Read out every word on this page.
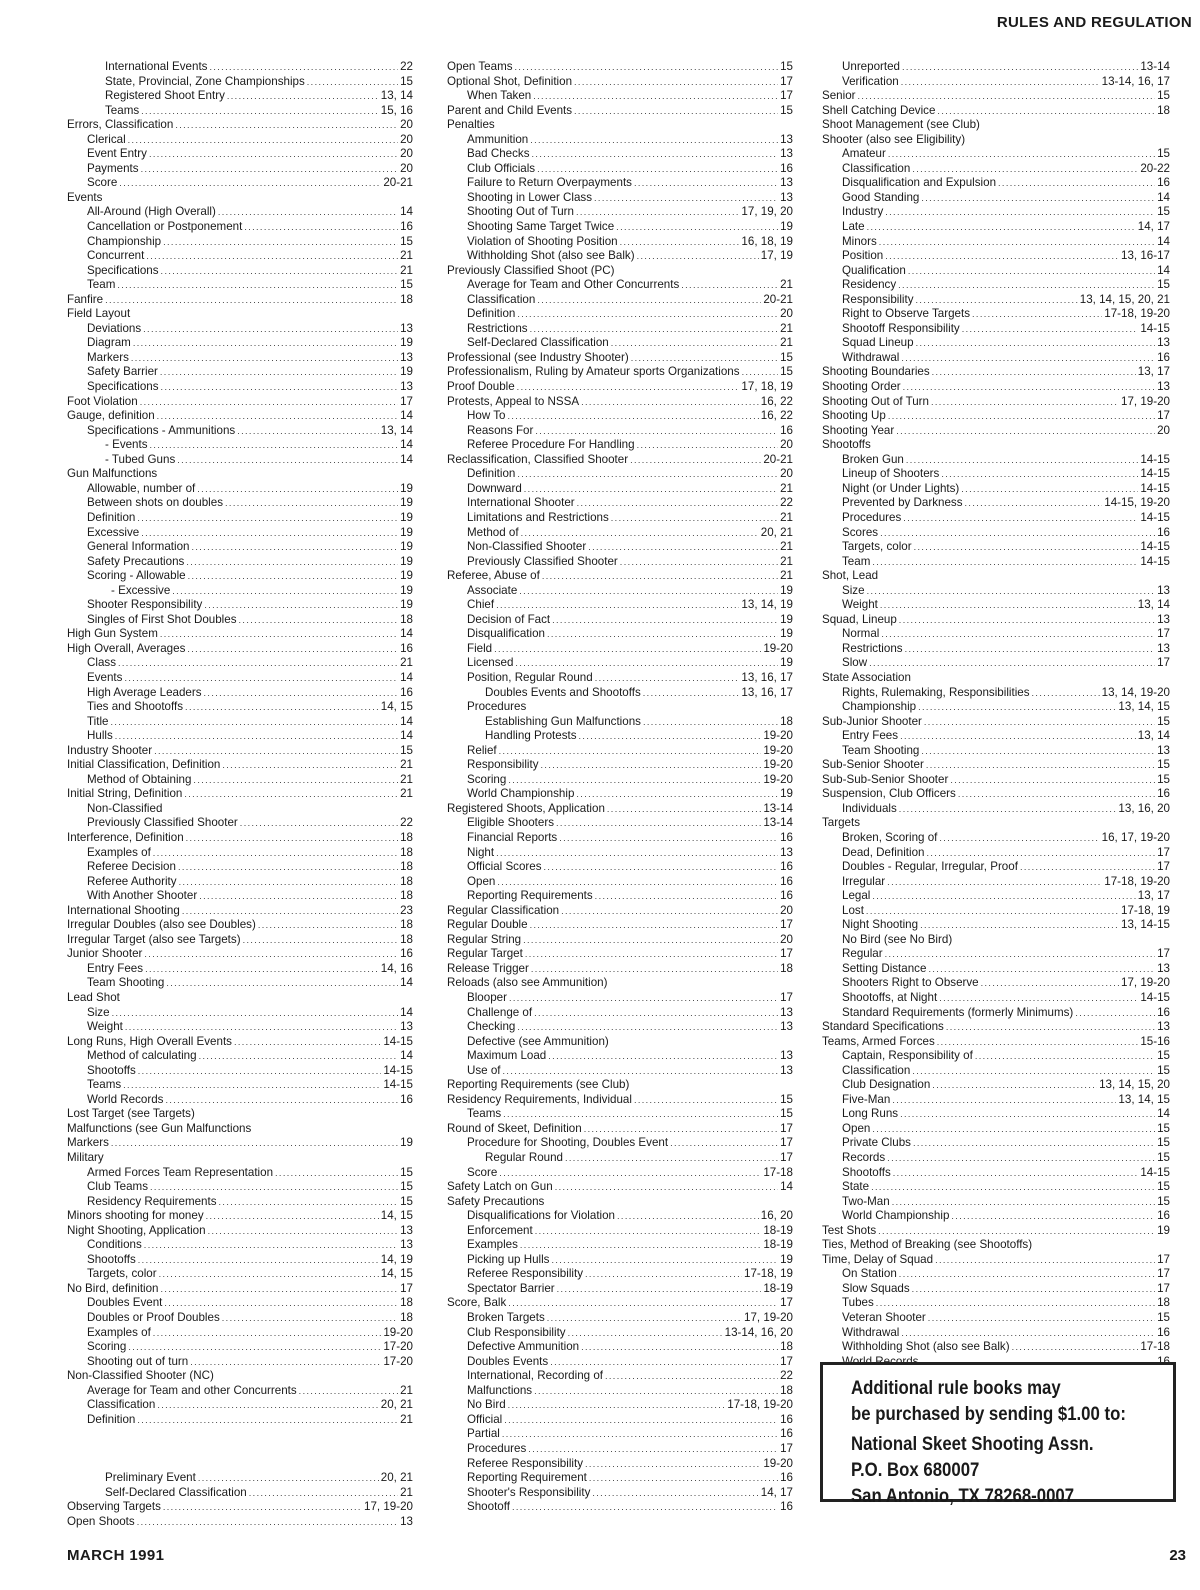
RULES AND REGULATION
International Events .....	22
State, Provincial, Zone Championships .....	15
Registered Shoot Entry .....	13, 14
Teams .....	15, 16
Errors, Classification .....	20
Clerical .....	20
Event Entry .....	20
Payments .....	20
Score .....	20-21
Events
All-Around (High Overall) .....	14
Cancellation or Postponement .....	16
Championship .....	15
Concurrent .....	21
Specifications .....	21
Team .....	15
Fanfire .....	18
Field Layout
Deviations .....	13
Diagram .....	19
Markers .....	13
Safety Barrier .....	19
Specifications .....	13
Foot Violation .....	17
Gauge, definition .....	14
Specifications - Ammunitions .....	13, 14
- Events .....	14
- Tubed Guns .....	14
Gun Malfunctions
Allowable, number of .....	19
Between shots on doubles .....	19
Definition .....	19
Excessive .....	19
General Information .....	19
Safety Precautions .....	19
Scoring - Allowable .....	19
- Excessive .....	19
Shooter Responsibility .....	19
Singles of First Shot Doubles .....	18
High Gun System .....	14
High Overall, Averages .....	16
Class .....	21
Events .....	14
High Average Leaders .....	16
Ties and Shootoffs .....	14, 15
Title .....	14
Hulls .....	14
Industry Shooter .....	15
Initial Classification, Definition .....	21
Method of Obtaining .....	21
Initial String, Definition .....	21
Non-Classified
Previously Classified Shooter .....	22
Interference, Definition .....	18
Examples of .....	18
Referee Decision .....	18
Referee Authority .....	18
With Another Shooter .....	18
International Shooting .....	23
Irregular Doubles (also see Doubles) .....	18
Irregular Target (also see Targets) .....	18
Junior Shooter .....	16
Entry Fees .....	14, 16
Team Shooting .....	14
Lead Shot
Size .....	14
Weight .....	13
Long Runs, High Overall Events .....	14-15
Method of calculating .....	14
Shootoffs .....	14-15
Teams .....	14-15
World Records .....	16
Lost Target (see Targets)
Malfunctions (see Gun Malfunctions
Markers .....	19
Military
Armed Forces Team Representation .....	15
Club Teams .....	15
Residency Requirements .....	15
Minors shooting for money .....	14, 15
Night Shooting, Application .....	13
Conditions .....	13
Shootoffs .....	14, 19
Targets, color .....	14, 15
No Bird, definition .....	17
Doubles Event .....	18
Doubles or Proof Doubles .....	18
Examples of .....	19-20
Scoring .....	17-20
Shooting out of turn .....	17-20
Non-Classified Shooter (NC)
Average for Team and other Concurrents .....	21
Classification .....	20, 21
Definition .....	21
Preliminary Event .....	20, 21
Self-Declared Classification .....	21
Observing Targets .....	17, 19-20
Open Shoots .....	13
Open Teams .....	15
Optional Shot, Definition .....	17
When Taken .....	17
Parent and Child Events .....	15
Penalties
Ammunition .....	13
Bad Checks .....	13
Club Officials .....	16
Failure to Return Overpayments .....	13
Shooting in Lower Class .....	13
Shooting Out of Turn .....	17, 19, 20
Shooting Same Target Twice .....	19
Violation of Shooting Position .....	16, 18, 19
Withholding Shot (also see Balk) .....	17, 19
Previously Classified Shoot (PC)
Average for Team and Other Concurrents .....	21
Classification .....	20-21
Definition .....	20
Restrictions .....	21
Self-Declared Classification .....	21
Professional (see Industry Shooter) .....	15
Professionalism, Ruling by Amateur sports Organizations .....	15
Proof Double .....	17, 18, 19
Protests, Appeal to NSSA .....	16, 22
How To .....	16, 22
Reasons For .....	16
Referee Procedure For Handling .....	20
Reclassification, Classified Shooter .....	20-21
Definition .....	20
Downward .....	21
International Shooter .....	22
Limitations and Restrictions .....	21
Method of .....	20, 21
Non-Classified Shooter .....	21
Previously Classified Shooter .....	21
Referee, Abuse of .....	21
Associate .....	19
Chief .....	13, 14, 19
Decision of Fact .....	19
Disqualification .....	19
Field .....	19-20
Licensed .....	19
Position, Regular Round .....	13, 16, 17
Doubles Events and Shootoffs .....	13, 16, 17
Procedures
Establishing Gun Malfunctions .....	18
Handling Protests .....	19-20
Relief .....	19-20
Responsibility .....	19-20
Scoring .....	19-20
World Championship .....	19
Registered Shoots, Application .....	13-14
Eligible Shooters .....	13-14
Financial Reports .....	16
Night .....	13
Official Scores .....	16
Open .....	16
Reporting Requirements .....	16
Regular Classification .....	20
Regular Double .....	17
Regular String .....	20
Regular Target .....	17
Release Trigger .....	18
Reloads (also see Ammunition)
Blooper .....	17
Challenge of .....	13
Checking .....	13
Defective (see Ammunition)
Maximum Load .....	13
Use of .....	13
Reporting Requirements (see Club)
Residency Requirements, Individual .....	15
Teams .....	15
Round of Skeet, Definition .....	17
Procedure for Shooting, Doubles Event .....	17
Regular Round .....	17
Score .....	17-18
Safety Latch on Gun .....	14
Safety Precautions
Disqualifications for Violation .....	16, 20
Enforcement .....	18-19
Examples .....	18-19
Picking up Hulls .....	19
Referee Responsibility .....	17-18, 19
Spectator Barrier .....	18-19
Score, Balk .....	17
Broken Targets .....	17, 19-20
Club Responsibility .....	13-14, 16, 20
Defective Ammunition .....	18
Doubles Events .....	17
International, Recording of .....	22
Malfunctions .....	18
No Bird .....	17-18, 19-20
Official .....	16
Partial .....	16
Procedures .....	17
Referee Responsibility .....	19-20
Reporting Requirement .....	16
Shooter's Responsibility .....	14, 17
Shootoff .....	16
Unreported .....	13-14
Verification .....	13-14, 16, 17
Senior .....	15
Shell Catching Device .....	18
Shoot Management (see Club)
Shooter (also see Eligibility)
Amateur .....	15
Classification .....	20-22
Disqualification and Expulsion .....	16
Good Standing .....	14
Industry .....	15
Late .....	14, 17
Minors .....	14
Position .....	13, 16-17
Qualification .....	14
Residency .....	15
Responsibility .....	13, 14, 15, 20, 21
Right to Observe Targets .....	17-18, 19-20
Shootoff Responsibility .....	14-15
Squad Lineup .....	13
Withdrawal .....	16
Shooting Boundaries .....	13, 17
Shooting Order .....	13
Shooting Out of Turn .....	17, 19-20
Shooting Up .....	17
Shooting Year .....	20
Shootoffs
Broken Gun .....	14-15
Lineup of Shooters .....	14-15
Night (or Under Lights) .....	14-15
Prevented by Darkness .....	14-15, 19-20
Procedures .....	14-15
Scores .....	16
Targets, color .....	14-15
Team .....	14-15
Shot, Lead
Size .....	13
Weight .....	13, 14
Squad, Lineup .....	13
Normal .....	17
Restrictions .....	13
Slow .....	17
State Association
Rights, Rulemaking, Responsibilities .....	13, 14, 19-20
Championship .....	13, 14, 15
Sub-Junior Shooter .....	15
Entry Fees .....	13, 14
Team Shooting .....	13
Sub-Senior Shooter .....	15
Sub-Sub-Senior Shooter .....	15
Suspension, Club Officers .....	16
Individuals .....	13, 16, 20
Targets
Broken, Scoring of .....	16, 17, 19-20
Dead, Definition .....	17
Doubles - Regular, Irregular, Proof .....	17
Irregular .....	17-18, 19-20
Legal .....	13, 17
Lost .....	17-18, 19
Night Shooting .....	13, 14-15
No Bird (see No Bird)
Regular .....	17
Setting Distance .....	13
Shooters Right to Observe .....	17, 19-20
Shootoffs, at Night .....	14-15
Standard Requirements (formerly Minimums) .....	16
Standard Specifications .....	13
Teams, Armed Forces .....	15-16
Captain, Responsibility of .....	15
Classification .....	15
Club Designation .....	13, 14, 15, 20
Five-Man .....	13, 14, 15
Long Runs .....	14
Open .....	15
Private Clubs .....	15
Records .....	15
Shootoffs .....	14-15
State .....	15
Two-Man .....	15
World Championship .....	16
Test Shots .....	19
Ties, Method of Breaking (see Shootoffs)
Time, Delay of Squad .....	17
On Station .....	17
Slow Squads .....	17
Tubes .....	18
Veteran Shooter .....	15
Withdrawal .....	16
Withholding Shot (also see Balk) .....	17-18
World Records .....	16
Additional rule books may
be purchased by sending $1.00 to:
National Skeet Shooting Assn.
P.O. Box 680007
San Antonio, TX 78268-0007
MARCH 1991	23
